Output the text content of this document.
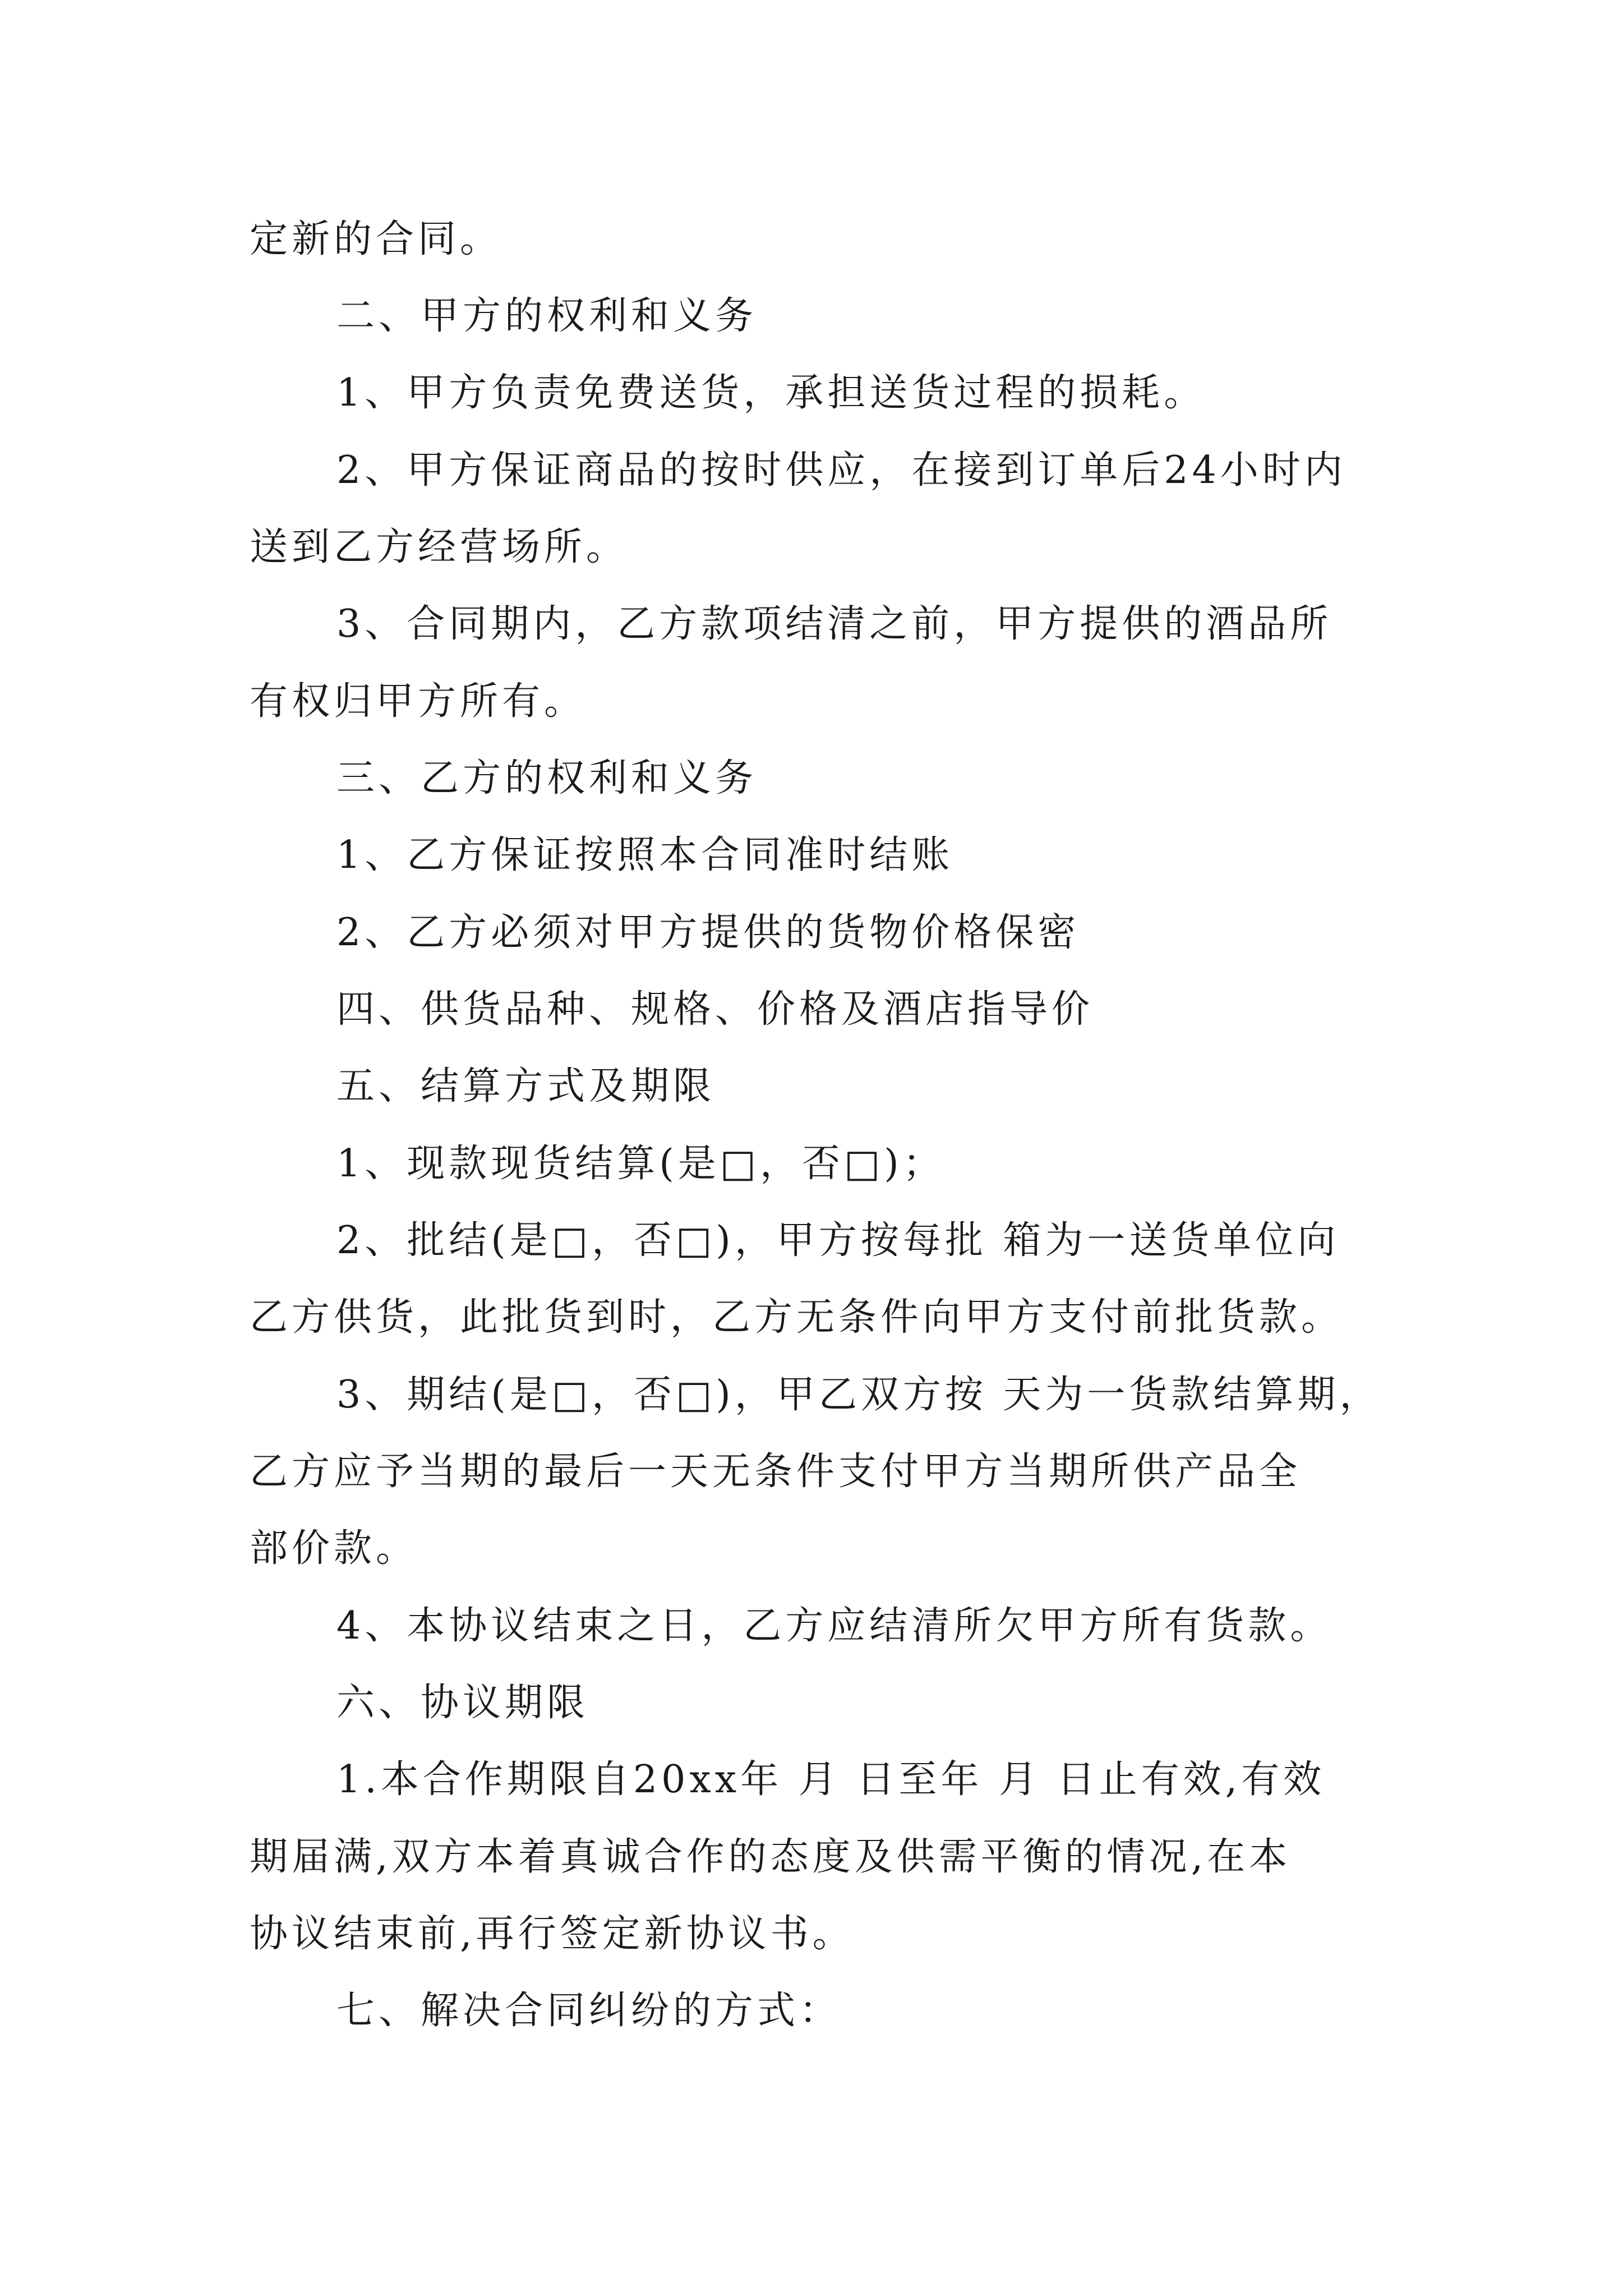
定新的合同。
二、甲方的权利和义务
1、甲方负责免费送货，承担送货过程的损耗。
2、甲方保证商品的按时供应，在接到订单后24小时内
送到乙方经营场所。
3、合同期内，乙方款项结清之前，甲方提供的酒品所
有权归甲方所有。
三、乙方的权利和义务
1、乙方保证按照本合同准时结账
2、乙方必须对甲方提供的货物价格保密
四、供货品种、规格、价格及酒店指导价
五、结算方式及期限
1、现款现货结算(是□，否□)；
2、批结(是□，否□)，甲方按每批 箱为一送货单位向
乙方供货，此批货到时，乙方无条件向甲方支付前批货款。
3、期结(是□，否□)，甲乙双方按 天为一货款结算期，
乙方应予当期的最后一天无条件支付甲方当期所供产品全
部价款。
4、本协议结束之日，乙方应结清所欠甲方所有货款。
六、协议期限
1.本合作期限自20xx年 月 日至年 月 日止有效,有效
期届满,双方本着真诚合作的态度及供需平衡的情况,在本
协议结束前,再行签定新协议书。
七、解决合同纠纷的方式：
